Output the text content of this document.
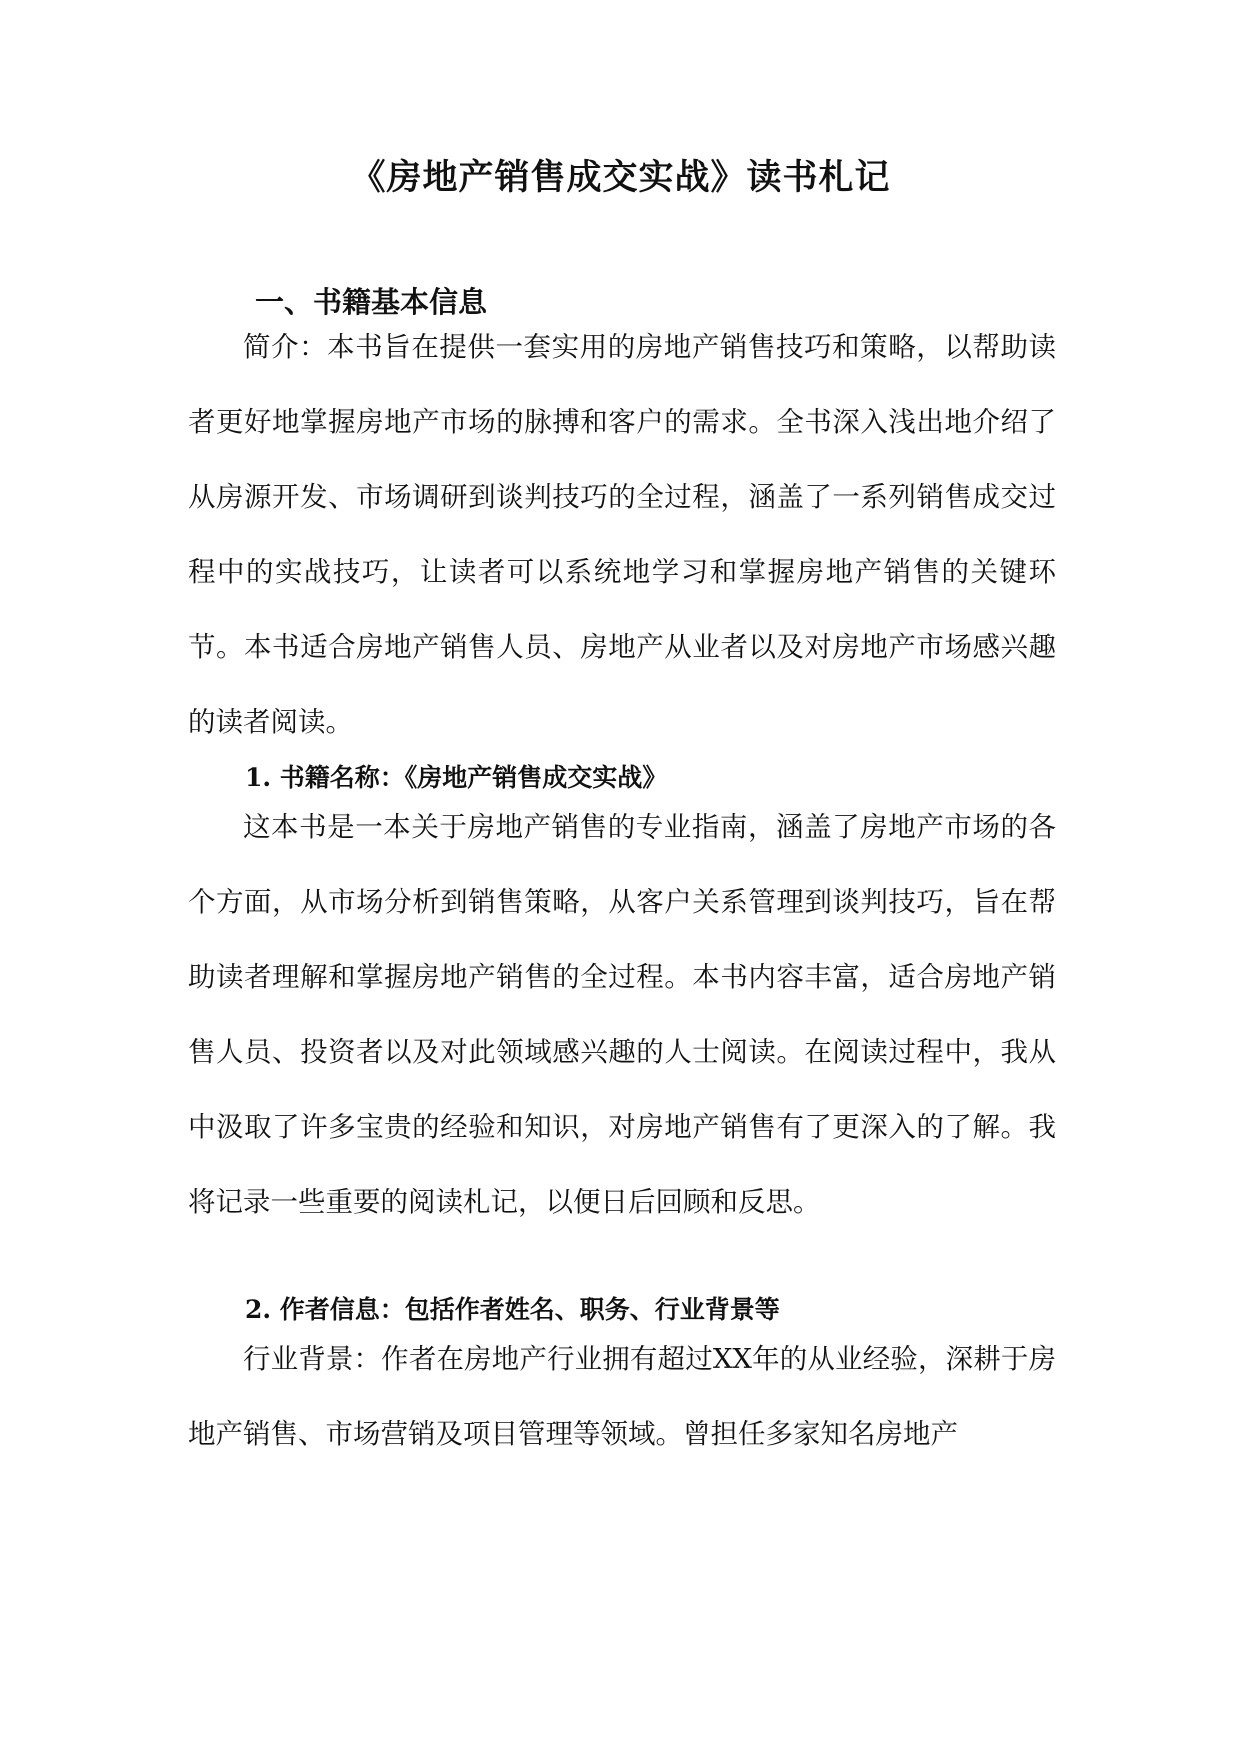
《房地产销售成交实战》读书札记
一、书籍基本信息

简介：本书旨在提供一套实用的房地产销售技巧和策略，以帮助读者更好地掌握房地产市场的脉搏和客户的需求。全书深入浅出地介绍了从房源开发、市场调研到谈判技巧的全过程，涵盖了一系列销售成交过程中的实战技巧，让读者可以系统地学习和掌握房地产销售的关键环节。本书适合房地产销售人员、房地产从业者以及对房地产市场感兴趣的读者阅读。

1. 书籍名称：《房地产销售成交实战》

这本书是一本关于房地产销售的专业指南，涵盖了房地产市场的各个方面，从市场分析到销售策略，从客户关系管理到谈判技巧，旨在帮助读者理解和掌握房地产销售的全过程。本书内容丰富，适合房地产销售人员、投资者以及对此领域感兴趣的人士阅读。在阅读过程中，我从中汲取了许多宝贵的经验和知识，对房地产销售有了更深入的了解。我将记录一些重要的阅读札记，以便日后回顾和反思。

2. 作者信息：包括作者姓名、职务、行业背景等

行业背景：作者在房地产行业拥有超过XX年的从业经验，深耕于房地产销售、市场营销及项目管理等领域。曾担任多家知名房地产
